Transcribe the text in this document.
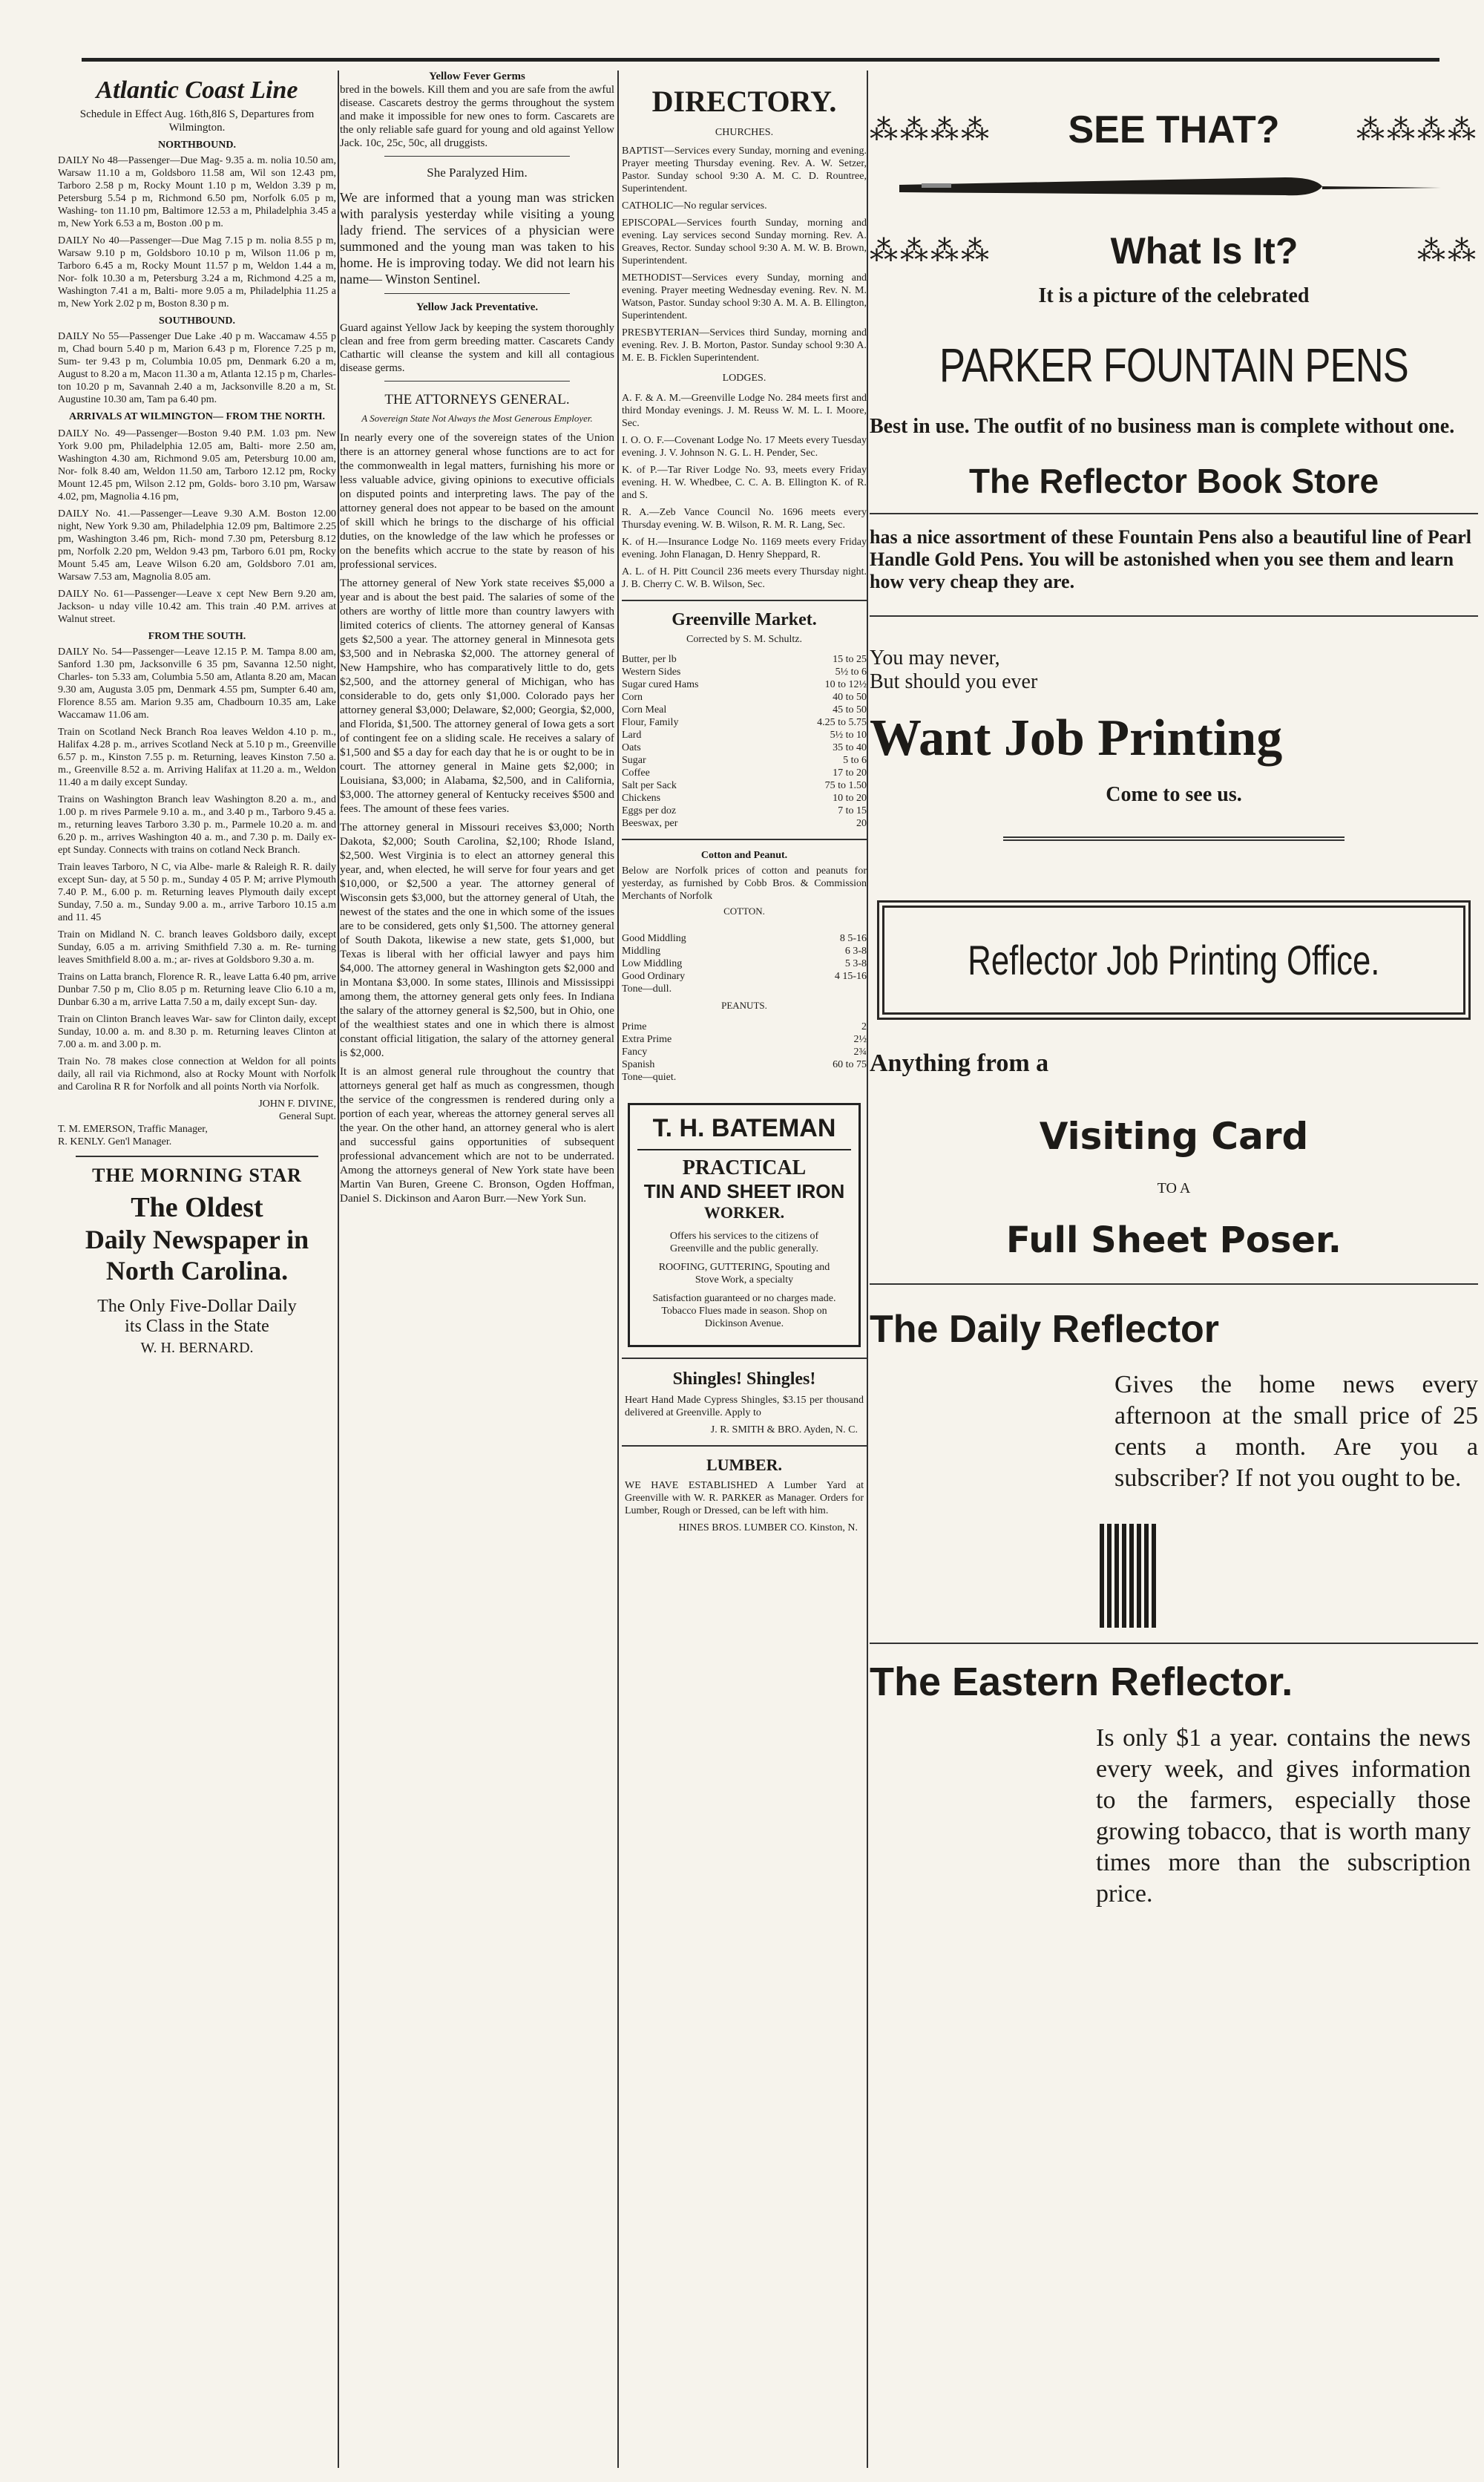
Atlantic Coast Line
Schedule in Effect Aug. 16th,8I6 S, Departures from Wilmington.
NORTHBOUND.

DAILY No 48—Passenger—Due Mag- 9.35 a. m. nolia 10.50 am, Warsaw 11.10 a m, Goldsboro 11.58 am, Wil son 12.43 pm, Tarboro 2.58 p m, Rocky Mount 1.10 p m, Weldon 3.39 p m, Petersburg 5.54 p m, Richmond 6.50 pm, Norfolk 6.05 p m, Washing- ton 11.10 pm, Baltimore 12.53 a m, Philadelphia 3.45 a m, New York 6.53 a m, Boston .00 p m.

DAILY No 40—Passenger—Due Mag 7.15 p m. nolia 8.55 p m, Warsaw 9.10 p m, Goldsboro 10.10 p m, Wilson 11.06 p m, Tarboro 6.45 a m, Rocky Mount 11.57 p m, Weldon 1.44 a m, Nor- folk 10.30 a m, Petersburg 3.24 a m, Richmond 4.25 a m, Washington 7.41 a m, Balti- more 9.05 a m, Philadelphia 11.25 a m, New York 2.02 p m, Boston 8.30 p m.

SOUTHBOUND.

DAILY No 55—Passenger Due Lake .40 p m. Waccamaw 4.55 p m, Chad bourn 5.40 p m, Marion 6.43 p m, Florence 7.25 p m, Sum- ter 9.43 p m, Columbia 10.05 pm, Denmark 6.20 a m, August to 8.20 a m, Macon 11.30 a m, Atlanta 12.15 p m, Charles- ton 10.20 p m, Savannah 2.40 a m, Jacksonville 8.20 a m, St. Augustine 10.30 am, Tam pa 6.40 pm.

ARRIVALS AT WILMINGTON— FROM THE NORTH.

DAILY No. 49—Passenger—Boston 9.40 P.M. 1.03 pm. New York 9.00 pm, Philadelphia 12.05 am, Balti- more 2.50 am, Washington 4.30 am, Richmond 9.05 am, Petersburg 10.00 am, Nor- folk 8.40 am, Weldon 11.50 am, Tarboro 12.12 pm, Rocky Mount 12.45 pm, Wilson 2.12 pm, Golds- boro 3.10 pm, Warsaw 4.02, pm, Magnolia 4.16 pm,

DAILY No. 41.—Passenger—Leave 9.30 A.M. Boston 12.00 night, New York 9.30 am, Philadelphia 12.09 pm, Baltimore 2.25 pm, Washington 3.46 pm, Rich- mond 7.30 pm, Petersburg 8.12 pm, Norfolk 2.20 pm, Weldon 9.43 pm, Tarboro 6.01 pm, Rocky Mount 5.45 am, Leave Wilson 6.20 am, Goldsboro 7.01 am, Warsaw 7.53 am, Magnolia 8.05 am.

DAILY No. 61—Passenger—Leave x cept New Bern 9.20 am, Jackson- u nday ville 10.42 am. This train .40 P.M. arrives at Walnut street.

FROM THE SOUTH.

DAILY No. 54—Passenger—Leave 12.15 P. M. Tampa 8.00 am, Sanford 1.30 pm, Jacksonville 6 35 pm, Savanna 12.50 night, Charles- ton 5.33 am, Columbia 5.50 am, Atlanta 8.20 am, Macan 9.30 am, Augusta 3.05 pm, Denmark 4.55 pm, Sumpter 6.40 am, Florence 8.55 am. Marion 9.35 am, Chadbourn 10.35 am, Lake Waccamaw 11.06 am.

Train on Scotland Neck Branch Roa leaves Weldon 4.10 p. m., Halifax 4.28 p. m., arrives Scotland Neck at 5.10 p m., Greenville 6.57 p. m., Kinston 7.55 p. m. Returning, leaves Kinston 7.50 a. m., Greenville 8.52 a. m. Arriving Halifax at 11.20 a. m., Weldon 11.40 a m daily except Sunday.

Trains on Washington Branch leav Washington 8.20 a. m., and 1.00 p. m rives Parmele 9.10 a. m., and 3.40 p m., Tarboro 9.45 a. m., returning leaves Tarboro 3.30 p. m., Parmele 10.20 a. m. and 6.20 p. m., arrives Washington 40 a. m., and 7.30 p. m. Daily ex- ept Sunday. Connects with trains on cotland Neck Branch.

Train leaves Tarboro, N C, via Albe- marle & Raleigh R. R. daily except Sun- day, at 5 50 p. m., Sunday 4 05 P. M; arrive Plymouth 7.40 P. M., 6.00 p. m. Returning leaves Plymouth daily except Sunday, 7.50 a. m., Sunday 9.00 a. m., arrive Tarboro 10.15 a.m and 11. 45

Train on Midland N. C. branch leaves Goldsboro daily, except Sunday, 6.05 a m. arriving Smithfield 7.30 a. m. Re- turning leaves Smithfield 8.00 a. m.; ar- rives at Goldsboro 9.30 a. m.

Trains on Latta branch, Florence R. R., leave Latta 6.40 pm, arrive Dunbar 7.50 p m, Clio 8.05 p m. Returning leave Clio 6.10 a m, Dunbar 6.30 a m, arrive Latta 7.50 a m, daily except Sun- day.

Train on Clinton Branch leaves War- saw for Clinton daily, except Sunday, 10.00 a. m. and 8.30 p. m. Returning leaves Clinton at 7.00 a. m. and 3.00 p. m.

Train No. 78 makes close connection at Weldon for all points daily, all rail via Richmond, also at Rocky Mount with Norfolk and Carolina R R for Norfolk and all points North via Norfolk.

JOHN F. DIVINE,
General Supt.
T. M. EMERSON, Traffic Manager,
R. KENLY. Gen'l Manager.
THE MORNING STAR
The Oldest
Daily Newspaper in
North Carolina.
The Only Five-Dollar Daily
its Class in the State
W. H. BERNARD.
Yellow Fever Germs
bred in the bowels. Kill them and you are safe from the awful disease. Cascarets destroy the germs throughout the system and make it impossible for new ones to form. Cascarets are the only reliable safe guard for young and old against Yellow Jack. 10c, 25c, 50c, all druggists.
She Paralyzed Him.
We are informed that a young man was stricken with paralysis yesterday while visiting a young lady friend. The services of a physician were summoned and the young man was taken to his home. He is improving today. We did not learn his name— Winston Sentinel.
Yellow Jack Preventative.
Guard against Yellow Jack by keeping the system thoroughly clean and free from germ breeding matter. Cascarets Candy Cathartic will cleanse the system and kill all contagious disease germs.
THE ATTORNEYS GENERAL.
A Sovereign State Not Always the Most Generous Employer.

In nearly every one of the sovereign states of the Union there is an attorney general whose functions are to act for the commonwealth in legal matters, furnishing his more or less valuable advice, giving opinions to executive officials on disputed points and interpreting laws. The pay of the attorney general does not appear to be based on the amount of skill which he brings to the discharge of his official duties, on the knowledge of the law which he professes or on the benefits which accrue to the state by reason of his professional services.

The attorney general of New York state receives $5,000 a year and is about the best paid. The salaries of some of the others are worthy of little more than country lawyers with limited coterics of clients. The attorney general of Kansas gets $2,500 a year. The attorney general in Minnesota gets $3,500 and in Nebraska $2,000. The attorney general of New Hampshire, who has comparatively little to do, gets $2,500, and the attorney general of Michigan, who has considerable to do, gets only $1,000. Colorado pays her attorney general $3,000; Delaware, $2,000; Georgia, $2,000, and Florida, $1,500. The attorney general of Iowa gets a sort of contingent fee on a sliding scale. He receives a salary of $1,500 and $5 a day for each day that he is or ought to be in court. The attorney general in Maine gets $2,000; in Louisiana, $3,000; in Alabama, $2,500, and in California, $3,000. The attorney general of Kentucky receives $500 and fees. The amount of these fees varies.

The attorney general in Missouri receives $3,000; North Dakota, $2,000; South Carolina, $2,100; Rhode Island, $2,500. West Virginia is to elect an attorney general this year, and, when elected, he will serve for four years and get $10,000, or $2,500 a year. The attorney general of Wisconsin gets $3,000, but the attorney general of Utah, the newest of the states and the one in which some of the issues are to be considered, gets only $1,500. The attorney general of South Dakota, likewise a new state, gets $1,000, but Texas is liberal with her official lawyer and pays him $4,000. The attorney general in Washington gets $2,000 and in Montana $3,000. In some states, Illinois and Mississippi among them, the attorney general gets only fees. In Indiana the salary of the attorney general is $2,500, but in Ohio, one of the wealthiest states and one in which there is almost constant official litigation, the salary of the attorney general is $2,000.

It is an almost general rule throughout the country that attorneys general get half as much as congressmen, though the service of the congressmen is rendered during only a portion of each year, whereas the attorney general serves all the year. On the other hand, an attorney general who is alert and successful gains opportunities of subsequent professional advancement which are not to be underrated. Among the attorneys general of New York state have been Martin Van Buren, Greene C. Bronson, Ogden Hoffman, Daniel S. Dickinson and Aaron Burr.—New York Sun.

DIRECTORY.
CHURCHES.

BAPTIST—Services every Sunday, morning and evening. Prayer meeting Thursday evening. Rev. A. W. Setzer, Pastor. Sunday school 9:30 A. M. C. D. Rountree, Superintendent.

CATHOLIC—No regular services.

EPISCOPAL—Services fourth Sunday, morning and evening. Lay services second Sunday morning. Rev. A. Greaves, Rector. Sunday school 9:30 A. M. W. B. Brown, Superintendent.

METHODIST—Services every Sunday, morning and evening. Prayer meeting Wednesday evening. Rev. N. M. Watson, Pastor. Sunday school 9:30 A. M. A. B. Ellington, Superintendent.

PRESBYTERIAN—Services third Sunday, morning and evening. Rev. J. B. Morton, Pastor. Sunday school 9:30 A. M. E. B. Ficklen Superintendent.

LODGES.

A. F. & A. M.—Greenville Lodge No. 284 meets first and third Monday evenings. J. M. Reuss W. M. L. I. Moore, Sec.

I. O. O. F.—Covenant Lodge No. 17 Meets every Tuesday evening. J. V. Johnson N. G. L. H. Pender, Sec.

K. of P.—Tar River Lodge No. 93, meets every Friday evening. H. W. Whedbee, C. C. A. B. Ellington K. of R. and S.

R. A.—Zeb Vance Council No. 1696 meets every Thursday evening. W. B. Wilson, R. M. R. Lang, Sec.

K. of H.—Insurance Lodge No. 1169 meets every Friday evening. John Flanagan, D. Henry Sheppard, R.

A. L. of H. Pitt Council 236 meets every Thursday night. J. B. Cherry C. W. B. Wilson, Sec.

Greenville Market.
Corrected by S. M. Schultz.
Butter, per lb	15 to 25
Western Sides	5½ to 6
Sugar cured Hams	10 to 12½
Corn	40 to 50
Corn Meal	45 to 50
Flour, Family	4.25 to 5.75
Lard	5½ to 10
Oats	35 to 40
Sugar	5 to 6
Coffee	17 to 20
Salt per Sack	75 to 1.50
Chickens	10 to 20
Eggs per doz	7 to 15
Beeswax, per	20
Cotton and Peanut.
Below are Norfolk prices of cotton and peanuts for yesterday, as furnished by Cobb Bros. & Commission Merchants of Norfolk
COTTON.
Good Middling	8 5-16
Middling	6 3-8
Low Middling	5 3-8
Good Ordinary	4 15-16
Tone—dull.	
PEANUTS.
Prime	2
Extra Prime	2½
Fancy	2¾
Spanish	60 to 75
Tone—quiet.	
T. H. BATEMAN
PRACTICAL
TIN AND SHEET IRON
WORKER.
Offers his services to the citizens of Greenville and the public generally.
ROOFING, GUTTERING, Spouting and Stove Work, a specialty
Satisfaction guaranteed or no charges made. Tobacco Flues made in season. Shop on Dickinson Avenue.
Shingles! Shingles!
Heart Hand Made Cypress Shingles, $3.15 per thousand delivered at Greenville. Apply to
J. R. SMITH & BRO. Ayden, N. C.
LUMBER.
WE HAVE ESTABLISHED A Lumber Yard at Greenville with W. R. PARKER as Manager. Orders for Lumber, Rough or Dressed, can be left with him.
HINES BROS. LUMBER CO. Kinston, N.
⁂⁂⁂⁂ SEE THAT?	⁂⁂⁂⁂
⁂⁂⁂⁂	What Is It?	⁂⁂
It is a picture of the celebrated
PARKER FOUNTAIN PENS
Best in use. The outfit of no business man is complete without one.
The Reflector Book Store
has a nice assortment of these Fountain Pens also a beautiful line of Pearl Handle Gold Pens. You will be astonished when you see them and learn how very cheap they are.
You may never,
But should you ever
Want Job Printing
Come to see us.
Reflector Job Printing Office.
Anything from a
Visiting Card
TO A
Full Sheet Poser.
The Daily Reflector
Gives the home news every afternoon at the small price of 25 cents a month. Are you a subscriber? If not you ought to be.
The Eastern Reflector.
Is only $1 a year. contains the news every week, and gives information to the farmers, especially those growing tobacco, that is worth many times more than the subscription price.
